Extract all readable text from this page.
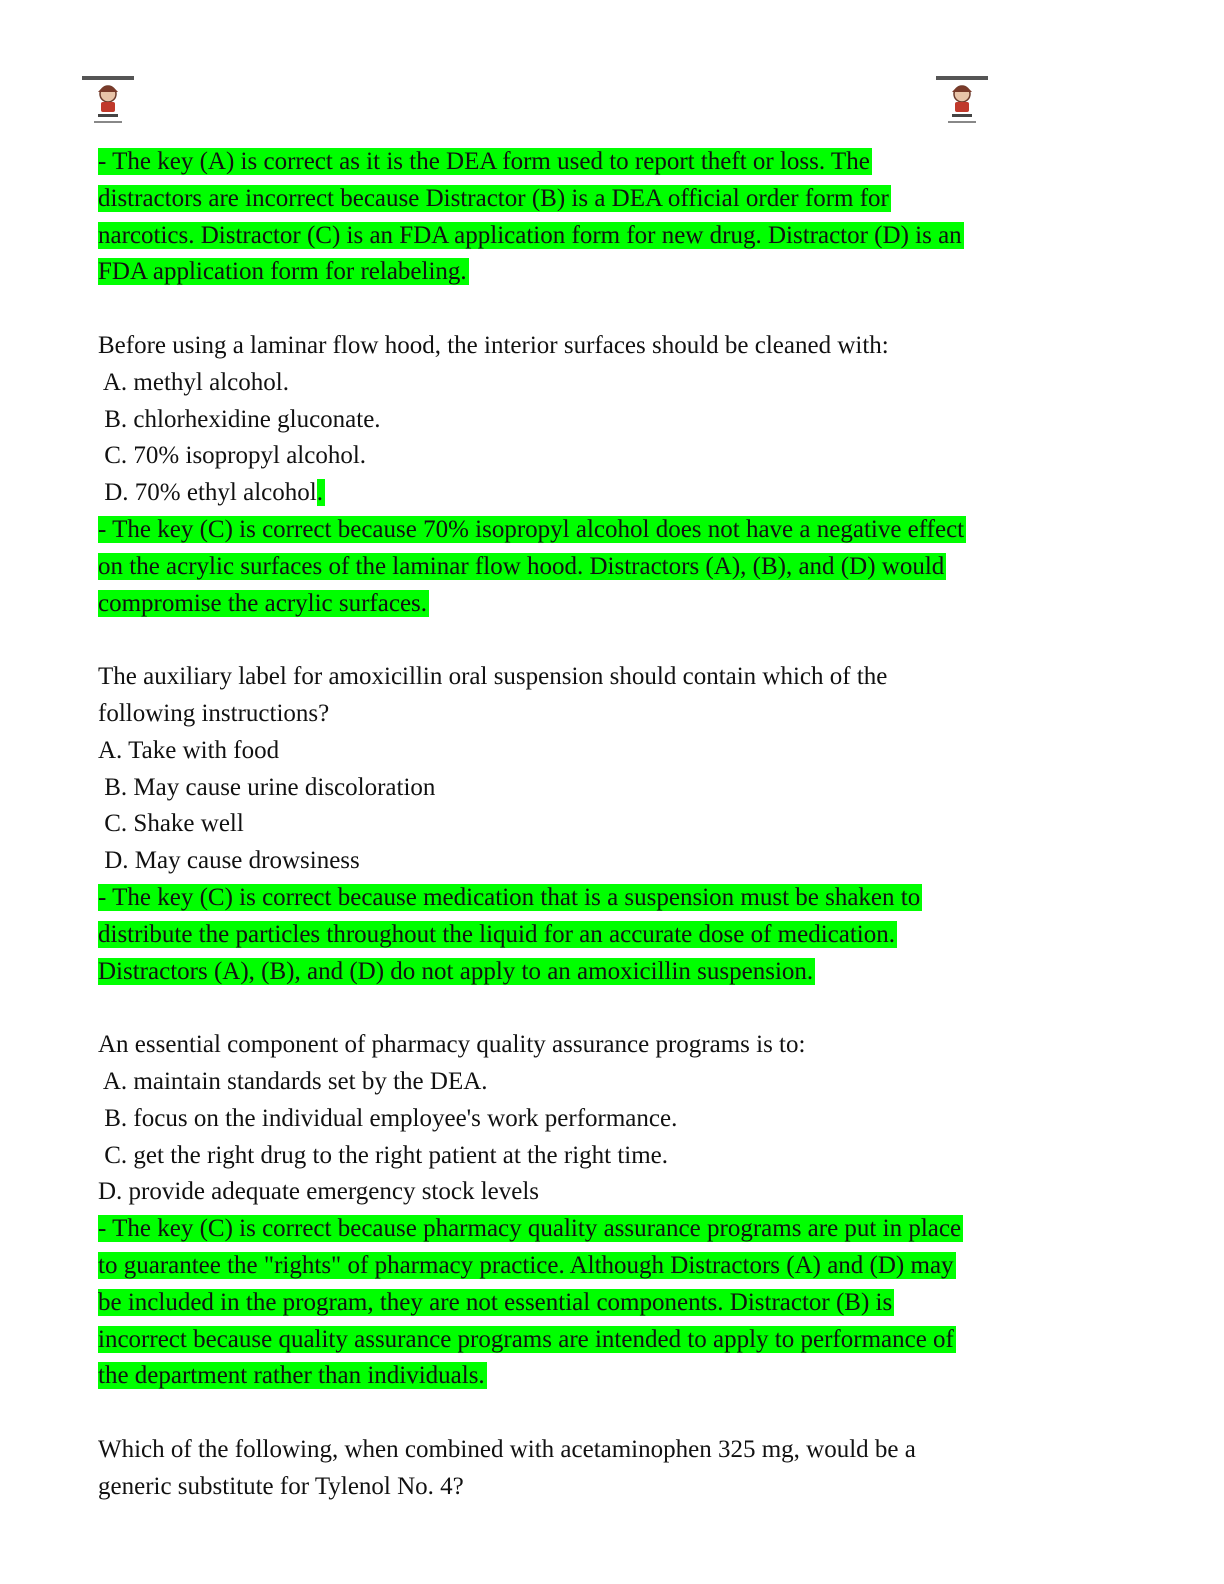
- The key (A) is correct as it is the DEA form used to report theft or loss. The
distractors are incorrect because Distractor (B) is a DEA official order form for
narcotics. Distractor (C) is an FDA application form for new drug. Distractor (D) is an
FDA application form for relabeling.
Before using a laminar flow hood, the interior surfaces should be cleaned with:
A. methyl alcohol.
B. chlorhexidine gluconate.
C. 70% isopropyl alcohol.
D. 70% ethyl alcohol.
- The key (C) is correct because 70% isopropyl alcohol does not have a negative effect
on the acrylic surfaces of the laminar flow hood. Distractors (A), (B), and (D) would
compromise the acrylic surfaces.
The auxiliary label for amoxicillin oral suspension should contain which of the
following instructions?
A. Take with food
B. May cause urine discoloration
C. Shake well
D. May cause drowsiness
- The key (C) is correct because medication that is a suspension must be shaken to
distribute the particles throughout the liquid for an accurate dose of medication.
Distractors (A), (B), and (D) do not apply to an amoxicillin suspension.
An essential component of pharmacy quality assurance programs is to:
A. maintain standards set by the DEA.
B. focus on the individual employee's work performance.
C. get the right drug to the right patient at the right time.
D. provide adequate emergency stock levels
- The key (C) is correct because pharmacy quality assurance programs are put in place
to guarantee the "rights" of pharmacy practice. Although Distractors (A) and (D) may
be included in the program, they are not essential components. Distractor (B) is
incorrect because quality assurance programs are intended to apply to performance of
the department rather than individuals.
Which of the following, when combined with acetaminophen 325 mg, would be a
generic substitute for Tylenol No. 4?
